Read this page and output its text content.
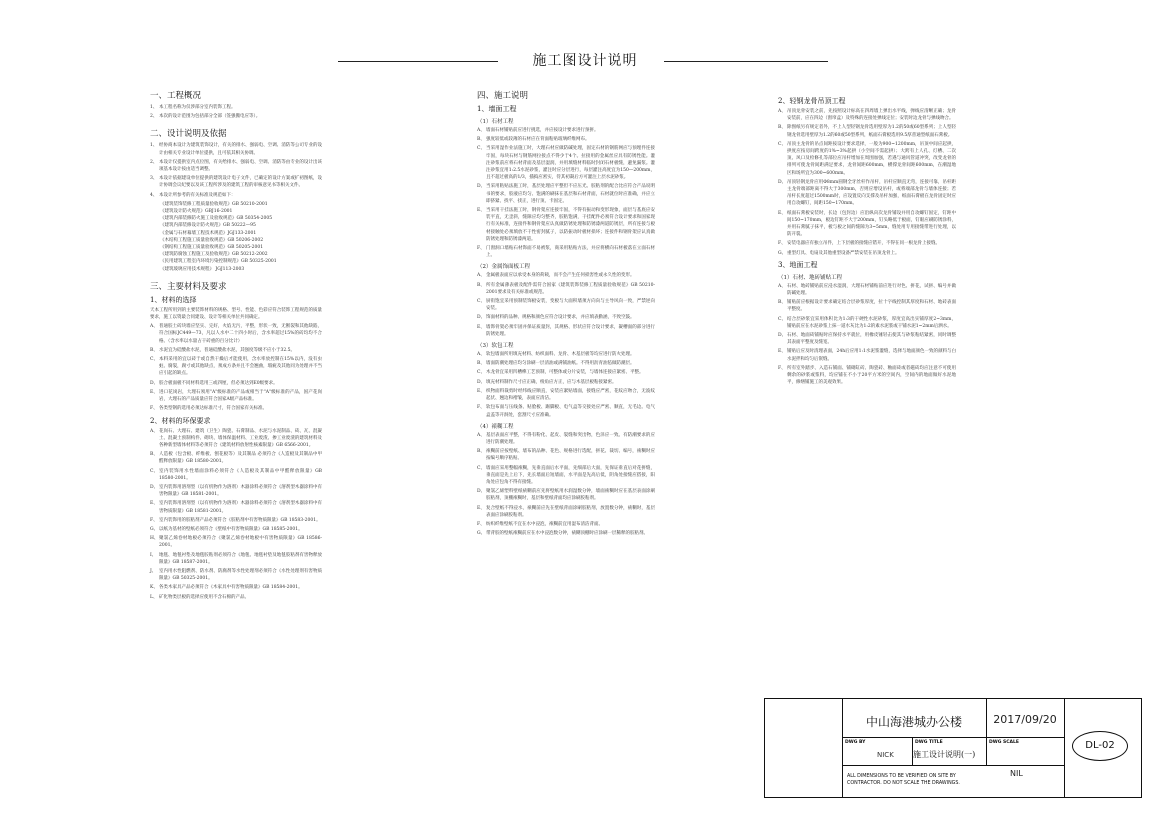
施工图设计说明
一、工程概况
1、 本工程名称为仅涉部分室内装饰工程。
2、 本次的设计范围为包括部分全部（签强搬电应等）。
二、设计说明及依据
1、 经协商本设计为建筑装饰设计，有关的排水、强弱电、空调、消防等公司专业的设计由相关专业设计单位提供，且可依其相关协调。
2、 本设计仅提供室内点位图，有关给排水、强弱电、空调、消防等由专业的设计出该项基本设计按由适当调整。
3、 本设计依据建设单位提供的建筑设计电子文件，已确定的设计方案或扩初图纸，设计协调会议纪要以及该工程所涉及的建筑工程的审核意见书等相关文件。
4、 本设计所参考的有关标准及规范如下：
《建筑装饰装修工程质量验收规范》GB 50210-2001
《建筑设计防火规范》GBJ16-2001
《建筑内部装修防火施工及验收规范》GB 50354-2005
《建筑内部装修设计防火规范》GB 50222—95
《金属与石材幕墙工程技术规范》JGJ133-2001
《木结构工程施工质量验收规范》GB 50206-2002
《钢结构工程施工质量验收规范》GB 50205-2001
《建筑防腐蚀工程施工及验收规范》GB 50212-2002
《民用建筑工程室内环境污染控制规范》GB 50325-2001
《建筑玻璃应用技术规程》 JGJ113-2003
三、主要材料及要求
1、材料的选择
天本工程所用到的主要装饰材料的规格、型号、性能、色彩应符合装饰工程规范的质量要求，施工以资最合同建设、设计等相关单位共同确定。
A、 普通胶土砖块墙应坚实、完好，火焰无污，平整，形状一致，无断裂和其他缺陷，符合国标JC449—73，凡以人水中二十四小时后，含水率超过15%的砖均均不合格。（含水率以水量占干砖重的百分比计）
B、 水泥宜为硅酸盐水泥，普通硅酸盐水泥，其强度等级不应小于32.5。
C、 本料采用的宜以砖于或自然干燥后才能使用，含水率放控制在15%以内，没有虫蛀、腐裂，腐寸或其他缺点，须成方条并且不会翘曲，瑕疵及其他同为处理并不当应引起的缺点。
D、 胶合板面板不同材料选用三或四厘，但必须达到E0级要求。
E、 进口花岗岩，大理石须用"A"级标准的产品或相当于"A"级标准的产品，国产花岗岩，大理石的产品质量应符合国家A级产品标准。
F、 各类型钢的选用必须达标准尺寸，符合国家有关标准。
2、材料的环保要求
A、 花岗石、大理石、建筑（卫生）陶瓷、石膏制品、水泥与水泥制品、砖、瓦、混凝土、混凝土预制构件、砌块、墙体保温材料、工业废渣、掺工业废渣的建筑材料及各种新型墙体材料等必须符合《建筑材料放射性核素限量》GB 6566-2001。
B、 人造板（包含板、纤维板、刨花板等）及其制品 必须符合《人造板及其制品中甲醛释放限量》GB 18580-2001。
C、 室内装饰用水性墙面涂料必须符合《人造板及其制品中甲醛释放限量》GB 18580-2001。
D、 室内装饰用溶剂型（以有机物作为溶剂）木器涂料必须符合《溶剂型木器涂料中有害物限量》GB 18581-2001。
E、 室内装饰用溶剂型（以有机物作为溶剂）木器涂料必须符合《溶剂型木器涂料中有害物质限量》GB 18581-2001。
F、 室内装饰用的胶粘剂产品必须符合《胶粘剂中有害物质限量》GB 18583-2001。
G、 以纸为基材的壁纸必须符合《壁纸中有害物质限量》GB 18585-2001。
H、 聚氯乙烯卷材地板必须符合《聚氯乙烯卷材地板中有害物质限量》GB 18586-2001。
I、 地毯、地毯衬垫及地毯胶粘剂必须符合《地毯、地毯衬垫及地毯胶粘剂有害物释放限量》GB 18587-2001。
J、 室内用水性阻燃剂、防水剂、防腐剂等水性处理剂必须符合《水性处理剂有害物质限量》GB 50325-2001。
K、 各类木家具产品必须符合《木家具中有害物质限量》GB 18584-2001。
L、 矿化物类层板的选择应使用不含石棉的产品。
四、施工说明
1、墙面工程
（1）石材工程
A、 墙面石材铺贴前应进行挑选，并应按设计要求进行预拼。
B、 强度较低或较薄的石材应在背面粘贴玻璃纤维网布。
C、 当采用湿作业法施工时，大理石材应做防碱处理，固定石材的钢筋网应与预埋件连接牢固，每块石材与钢筋网拉接点不得少于4个。拉接用的金属丝应具有防锈性能。灌注砂浆前应将石材背面及基层湿润，并用填缝材料临时封闭石材板缝，避免漏浆。灌注砂浆宜用1:2.5水泥砂浆，灌注时应分层进行，每层灌注高度宜为150—200mm，且不超过板高的1/3，插捣应密实，待其初凝后方可灌注上层水泥砂浆。
D、 当采用粘贴法施工时，基层处理应平整但不应压光。胶粘剂的配合比应符合产品说明书的要求，胶液应均匀、饱满的刷抹在基层和石材背面，石材就位时应准确，并应立即挤紧、找平、找正，进行顶、卡固定。
E、 当采用干挂法施工时，钢骨架应连接牢固，不得有振动和变形现象，面层与基底应安装平直，无歪斜，缝隙应均匀整齐，胶粘饱满，干挂配件必须符合设计要求和国家现行有关标准，连接件和钢骨架应认真做防锈处理和防锈漆两道防锈层，所有连接与板材接触处必须填放不干性密封腻子，以防振动时板材损坏；连接件和钢骨架应认真做防锈处理和防锈漆两道。
F、 门窗洞口墙贴石材饰面不易被浆，商采用粘贴方法，并应将横向石材板落在立面石材上。
（2）金属饰面板工程
A、 金属板表面应以承受本身的荷载，而不会产生任何损害性或永久性的变形。
B、 所有金属薄表板及配件需符合国家《建筑装饰装修工程质量验收规范》GB 50210-2001要求及有关标准或规范。
C、 厨衔饱宜采用预制装饰板安装，变板与大面积墙须方向向与主导风向一致，严禁逆向安装。
D、 饰面材料的品种、规格和颜色应符合设计要求，并应填表勤涵，不致空鼓。
E、 墙饰骨架必须牢固并保证质量封，其规格、形状应符合设计要求，凝槽面的部分进行防锈处理。
（3）软包工程
A、 软包墙面所用填充材料、纺织面料、龙骨、木基层板等均应进行防火处理。
B、 墙面防潮处理应均匀涂刷一层清油或满铺油纸。不得用沥青油毡做防潮层。
C、 木龙骨宜采用凹槽榫工艺预制，可整体或分片安装，与墙体连接应紧密、平整。
D、 填充材料制作尺寸应正确，棱角应方正，应与木基层板粘接紧密。
E、 织物面料裁剪时经纬线应顺直，安装应紧贴墙面，接缝应严密，花纹应吻合，无波纹起伏、翘边和褶皱，表面应清洁。
F、 软包布面与压线条、贴脸板、踢脚板、电气盒等交接处应严密、顺直，无毛边。电气盒盖等开洞处，套割尺寸应准确。
（4）裱糊工程
A、 基层表面应平整，不得有粉化、起皮、裂缝和突出物，色泽应一致。有防潮要求的应进行防潮处理。
B、 裱糊前应按壁纸、墙布的品种、花色、规格进行选配，拼花、裁切、编号，裱糊时应按编号顺序粘贴。
C、 墙面应采用整幅裱糊，先垂直面后水平面，先细部后大面，先保证垂直后对花拼缝，垂直面是先上后下，先长墙面后短墙面，水平面是先高后低，阴角处接缝应搭接，阳角处应包角不得有接缝。
D、 聚氯乙烯塑料壁纸裱糊前应先将壁纸用水润湿数分钟，墙面裱糊时应在基层表面涂刷胶粘剂，顶棚裱糊时，基层和壁纸背面均应涂刷胶粘剂。
E、 复合壁纸不得浸水，裱糊前应先在壁纸背面涂刷胶粘剂，放置数分钟，裱糊时，基层表面应涂刷胶粘剂。
F、 纺织纤维壁纸不宜在水中浸泡，裱糊前宜用湿布清洁背面。
G、 带背胶的壁纸裱糊前应在水中浸泡数分钟，裱糊顶棚时应涂刷一层稀释的胶粘剂。
2、轻钢龙骨吊顶工程
A、 吊顶龙骨安装之前，先按照设计标高在四周墙上弹出水平线，弹线应清晰正确；龙骨安装前，应在四边（窗帘盒）及特殊的连接处弹线定位；安装时边龙骨与弹线吻合。
B、 除图纸另有规定者外，不上人型轻钢龙骨选用壁厚为1.2的50或60型系列；上人型轻钢龙骨选用壁厚为1.2的60或50型系列，纸面石膏板选用9.5厚普通型纸面石膏板。
C、 吊顶主龙骨的吊点间距按设计要求选择，一般为900~1200mm，吊顶中间应起拱，拱度应按房间跨度的1%~3%起拱（小空间不需起拱）；大跨有上人孔、灯槽、二次顶、风口及检修孔等部位应吊杆增加在周围加强，若遇与通风管道冲突，改变龙骨的排列可使龙骨间距满足要求，龙骨间距600mm，横撑龙骨间距600mm，在潮湿地区和场所宜为300~600mm。
D、 吊顶轻钢龙骨应用Φ8mm圆钢全牙丝杆作吊杆，吊杆应顺直无弯，连接可靠，吊杆距主龙骨端部距离不得大于300mm，否则应增设吊杆，或将端部龙骨与墙体连接；若吊杆长度超过1500mm时，应设置反向支撑及吊杆加强，纸面石膏板在龙骨固定时应用自攻螺钉，间距150~170mm。
E、 纸面石膏板安装时，长边（包封边）应沿纵向次龙骨铺设并用自攻螺钉固定，钉距中间150~170mm，板边钉距不大于200mm，钉头略低于板面，钉眼应刷防锈涂料，并用石膏腻子抹平，板与板之间的缝隙为3~5mm，缝处用专用接缝带进行处理，以防开裂。
F、 安装电器应有独立吊件，上下层板的接缝应错开，不得在同一根龙骨上接缝。
G、 重型灯具、电扇及其他重型设备严禁安装在吊顶龙骨上。
3、地面工程
（1）石材、地砖铺贴工程
A、 石材、地砖铺贴前应浸水湿润，大理石材铺贴前应进行对色、拼花，试拼、编号并做防碱处理。
B、 铺贴前应根据设计要求确定结合层砂浆厚度，拉十字线控制其厚度和石材、地砖表面平整度。
C、 结合层砂浆宜采用体积比为1:3的干硬性水泥砂浆，厚度宜高出实铺厚度2~3mm，铺贴前应在水泥砂浆上抹一道水灰比为1:2的素水泥浆或干铺水泥1~2mm后洒水。
D、 石材、地面砖铺贴时应保持水平就位，用橡皮锤轻击使其与砂浆粘结紧密，同时调整其表面平整度及缝宽。
E、 铺贴后应及时清理表面，24h后应用1:1水泥浆灌缝，选择与地面颜色一致的颜料与白水泥拌和均匀后嵌缝。
F、 所有室外踏步、入造石铺面、铺砌缸砖、陶瓷砖、釉面砖或者磁砖均应注意不可使用剩余的砂浆或浆料，均应铺在不小于20平方米的空间内，空间内的地面做好水泥地平，修缮铺施工的美观效果。
中山海港城办公楼	2017/09/20
DWG BY
NICK
DWG TITLE
施工设计说明(一)
DWG SCALE
NIL
ALL DIMENSIONS TO BE VERIFIED ON SITE BY CONTRACTOR. DO NOT SCALE THE DRAWINGS.
DL-02
